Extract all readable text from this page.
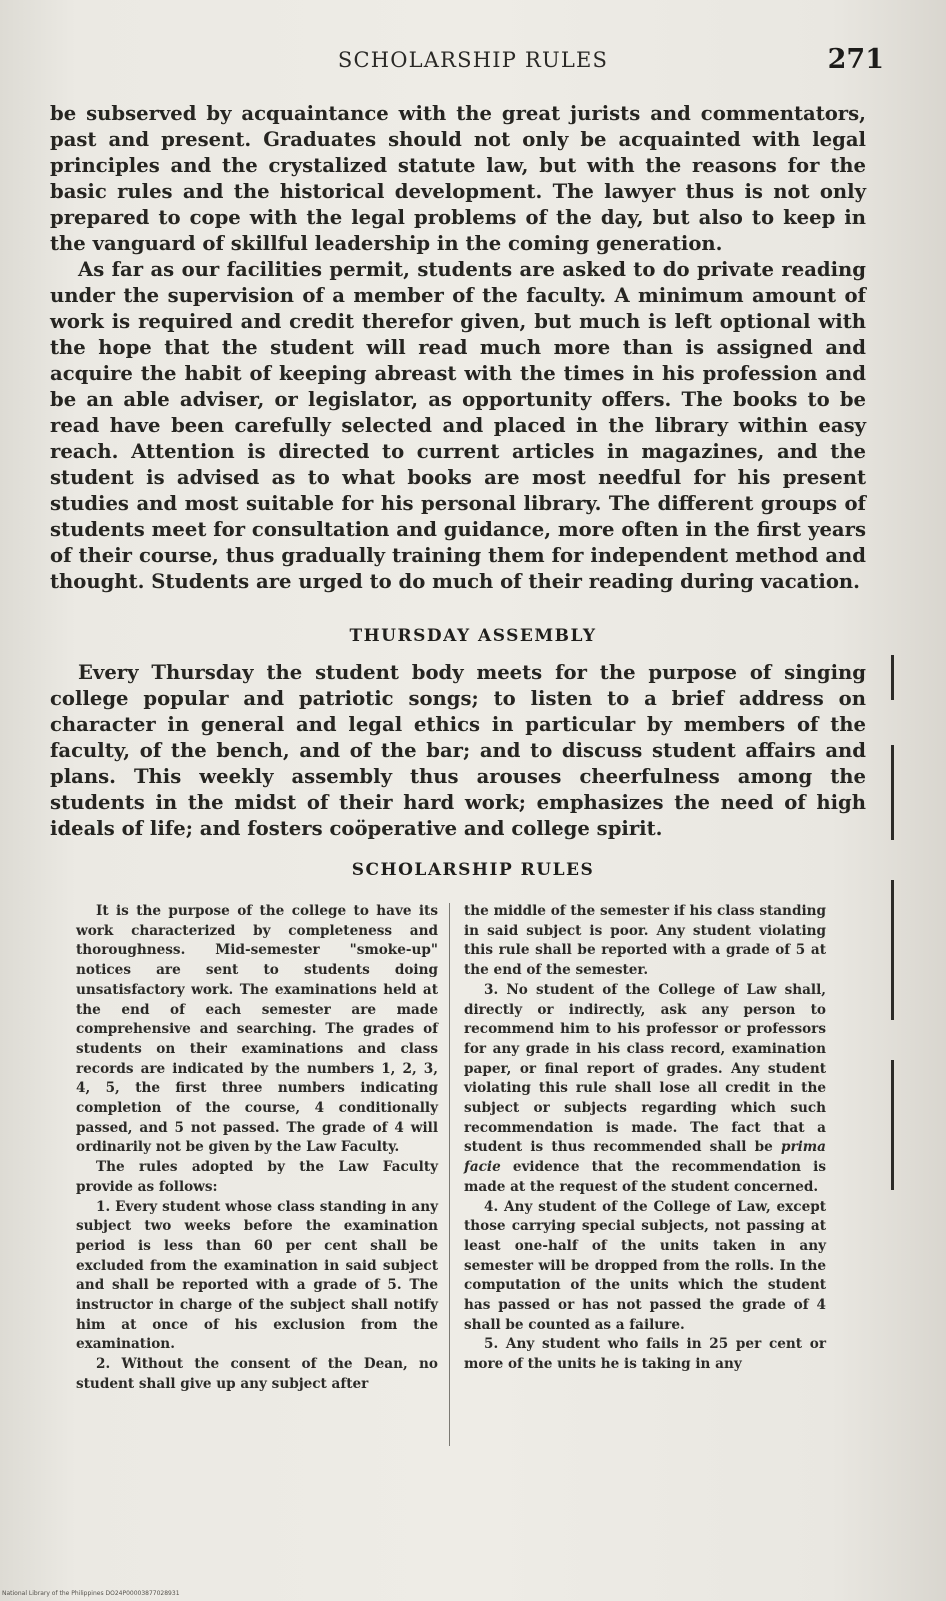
SCHOLARSHIP RULES	271

be subserved by acquaintance with the great jurists and commentators, past and present. Graduates should not only be acquainted with legal principles and the crystalized statute law, but with the reasons for the basic rules and the historical development. The lawyer thus is not only prepared to cope with the legal problems of the day, but also to keep in the vanguard of skillful leadership in the coming generation.

As far as our facilities permit, students are asked to do private reading under the supervision of a member of the faculty. A minimum amount of work is required and credit therefor given, but much is left optional with the hope that the student will read much more than is assigned and acquire the habit of keeping abreast with the times in his profession and be an able adviser, or legislator, as opportunity offers. The books to be read have been carefully selected and placed in the library within easy reach. Attention is directed to current articles in magazines, and the student is advised as to what books are most needful for his present studies and most suitable for his personal library. The different groups of students meet for consultation and guidance, more often in the first years of their course, thus gradually training them for independent method and thought. Students are urged to do much of their reading during vacation.

THURSDAY ASSEMBLY

Every Thursday the student body meets for the purpose of singing college popular and patriotic songs; to listen to a brief address on character in general and legal ethics in particular by members of the faculty, of the bench, and of the bar; and to discuss student affairs and plans. This weekly assembly thus arouses cheerfulness among the students in the midst of their hard work; emphasizes the need of high ideals of life; and fosters coöperative and college spirit.

SCHOLARSHIP RULES

It is the purpose of the college to have its work characterized by completeness and thoroughness. Mid-semester "smoke-up" notices are sent to students doing unsatisfactory work. The examinations held at the end of each semester are made comprehensive and searching. The grades of students on their examinations and class records are indicated by the numbers 1, 2, 3, 4, 5, the first three numbers indicating completion of the course, 4 conditionally passed, and 5 not passed. The grade of 4 will ordinarily not be given by the Law Faculty.

The rules adopted by the Law Faculty provide as follows:

1. Every student whose class standing in any subject two weeks before the examination period is less than 60 per cent shall be excluded from the examination in said subject and shall be reported with a grade of 5. The instructor in charge of the subject shall notify him at once of his exclusion from the examination.

2. Without the consent of the Dean, no student shall give up any subject after

the middle of the semester if his class standing in said subject is poor. Any student violating this rule shall be reported with a grade of 5 at the end of the semester.

3. No student of the College of Law shall, directly or indirectly, ask any person to recommend him to his professor or professors for any grade in his class record, examination paper, or final report of grades. Any student violating this rule shall lose all credit in the subject or subjects regarding which such recommendation is made. The fact that a student is thus recommended shall be prima facie evidence that the recommendation is made at the request of the student concerned.

4. Any student of the College of Law, except those carrying special subjects, not passing at least one-half of the units taken in any semester will be dropped from the rolls. In the computation of the units which the student has passed or has not passed the grade of 4 shall be counted as a failure.

5. Any student who fails in 25 per cent or more of the units he is taking in any

National Library of the Philippines DO24P00003877028931
